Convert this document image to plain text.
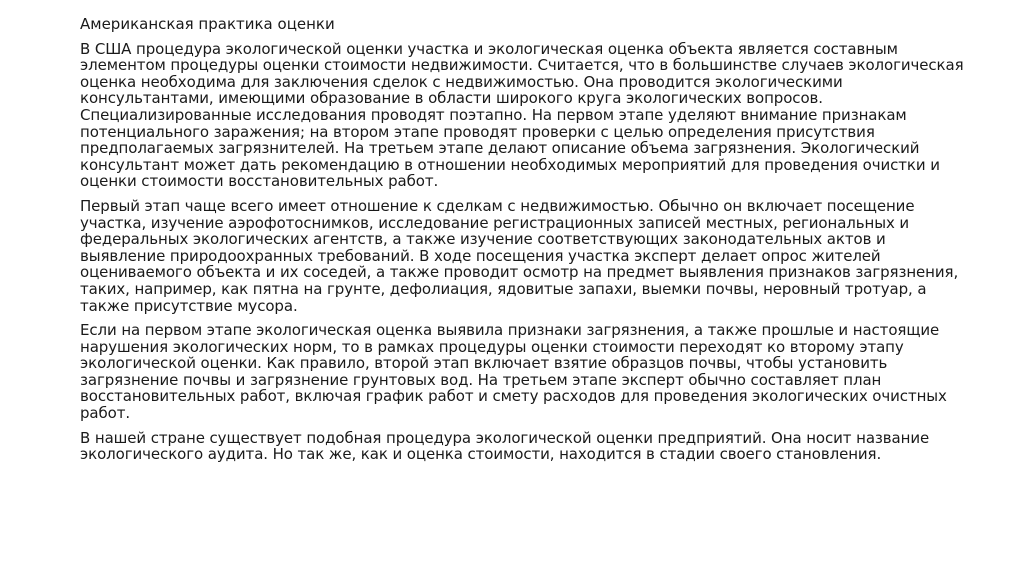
Американская практика оценки

В США процедура экологической оценки участка и экологическая оценка объекта является составным элементом процедуры оценки стоимости недвижимости. Считается, что в большинстве случаев экологическая оценка необходима для заключения сделок с недвижимостью. Она проводится экологическими консультантами, имеющими образование в области широкого круга экологических вопросов. Специализированные исследования проводят поэтапно. На первом этапе уделяют внимание признакам потенциального заражения; на втором этапе проводят проверки с целью определения присутствия предполагаемых загрязнителей. На третьем этапе делают описание объема загрязнения. Экологический консультант может дать рекомендацию в отношении необходимых мероприятий для проведения очистки и оценки стоимости восстановительных работ.

Первый этап чаще всего имеет отношение к сделкам с недвижимостью. Обычно он включает посещение участка, изучение аэрофотоснимков, исследование регистрационных записей местных, региональных и федеральных экологических агентств, а также изучение соответствующих законодательных актов и выявление природоохранных требований. В ходе посещения участка эксперт делает опрос жителей оцениваемого объекта и их соседей, а также проводит осмотр на предмет выявления признаков загрязнения, таких, например, как пятна на грунте, дефолиация, ядовитые запахи, выемки почвы, неровный тротуар, а также присутствие мусора.

Если на первом этапе экологическая оценка выявила признаки загрязнения, а также прошлые и настоящие нарушения экологических норм, то в рамках процедуры оценки стоимости переходят ко второму этапу экологической оценки. Как правило, второй этап включает взятие образцов почвы, чтобы установить загрязнение почвы и загрязнение грунтовых вод. На третьем этапе эксперт обычно составляет план восстановительных работ, включая график работ и смету расходов для проведения экологических очистных работ.

В нашей стране существует подобная процедура экологической оценки предприятий. Она носит название экологического аудита. Но так же, как и оценка стоимости, находится в стадии своего становления.
